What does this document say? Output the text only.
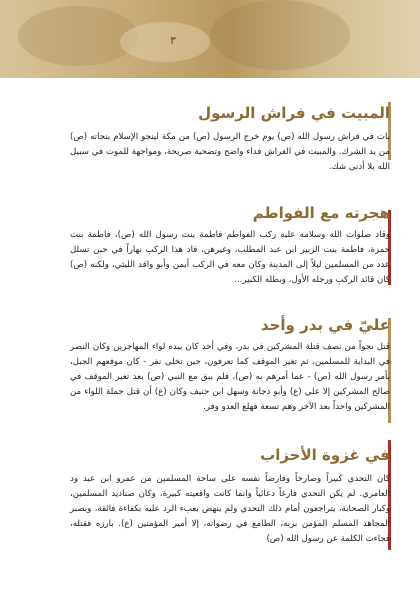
٣
المبيت في فراش الرسول
بات في فراش رسول الله (ص) يوم خرج الرسول (ص) من مكة لينجو الإسلام بنجاته (ص) من يد الشرك. والمبيت في الفراش فداء واضح وتضحية صريحة، ومواجهة للموت في سبيل الله بلا أدنى شك.
هجرته مع الفواطم
وقاد صلوات الله وسلامه عليه ركب الفواطم فاطمة بنت رسول الله (ص)، فاطمة بنت حمزة، فاطمة بنت الزبير ابن عبد المطلب، وغيرهن، قاد هذا الركب نهاراً في حين تسلل عدد من المسلمين ليلاً إلى المدينة وكان معه في الركب أيمن وأبو واقد الليثي، ولكنه (ص) كان قائد الركب ورجله الأول، وبطله الكبير...
عليّ في بدر وأحد
قتل نحواً من نصف قتلة المشركين في بدر، وفي أحد كان بيده لواء المهاجرين وكان النصر في البداية للمسلمين، ثم تغير الموقف كما تعرفون، حين تخلى نفر - كان موقعهم الجبل، بأمر رسول الله (ص) - عما أمرهم به (ص)، فلم يبق مع النبي (ص) بعد تغير الموقف في صالح المشركين إلا علي (ع) وأبو دجانة وسهل ابن حنيف وكان (ع) أن قتل حملة اللواء من المشركين واحداً بعد الآخر وهم تسعة فهلع العدو وفر.
في غزوة الأحزاب
كان التحدي كبيراً وصارخاً وفارضاً نفسه على ساحة المسلمين من عمرو ابن عبد ود العامري. لم يكن التحدي فارغاً دعائياً وانما كانت واقعيته كبيرة، وكان صناديد المسلمين، وكبار الصحابة، يتراجعون أمام ذلك التحدي ولم ينهض بعبء الرد عليه بكفاءة فائقة، وبصبر المجاهد المسلم المؤمن بربه، الطامع في رضوانه، إلا أمير المؤمنين (ع). بارزه فقتله، فجاءت الكلمة عن رسول الله (ص)
